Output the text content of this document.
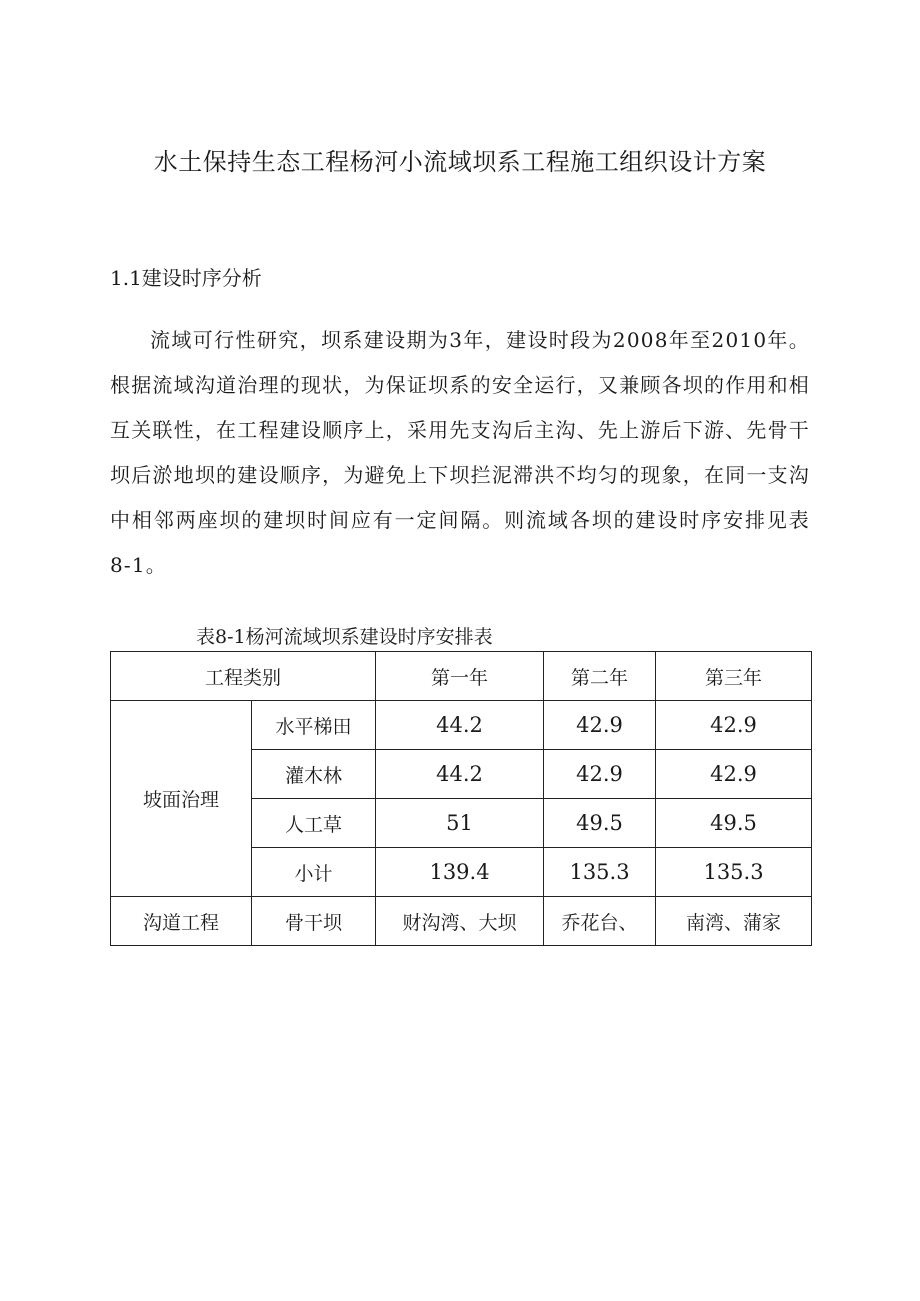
水土保持生态工程杨河小流域坝系工程施工组织设计方案
1.1建设时序分析

流域可行性研究，坝系建设期为3年，建设时段为2008年至2010年。根据流域沟道治理的现状，为保证坝系的安全运行，又兼顾各坝的作用和相互关联性，在工程建设顺序上，采用先支沟后主沟、先上游后下游、先骨干坝后淤地坝的建设顺序，为避免上下坝拦泥滞洪不均匀的现象，在同一支沟中相邻两座坝的建坝时间应有一定间隔。则流域各坝的建设时序安排见表8-1。

表8-1杨河流域坝系建设时序安排表
工程类别		第一年	第二年	第三年
坡面治理	水平梯田	44.2	42.9	42.9
	灌木林	44.2	42.9	42.9
	人工草	51	49.5	49.5
	小计	139.4	135.3	135.3
沟道工程	骨干坝	财沟湾、大坝	乔花台、	南湾、蒲家
